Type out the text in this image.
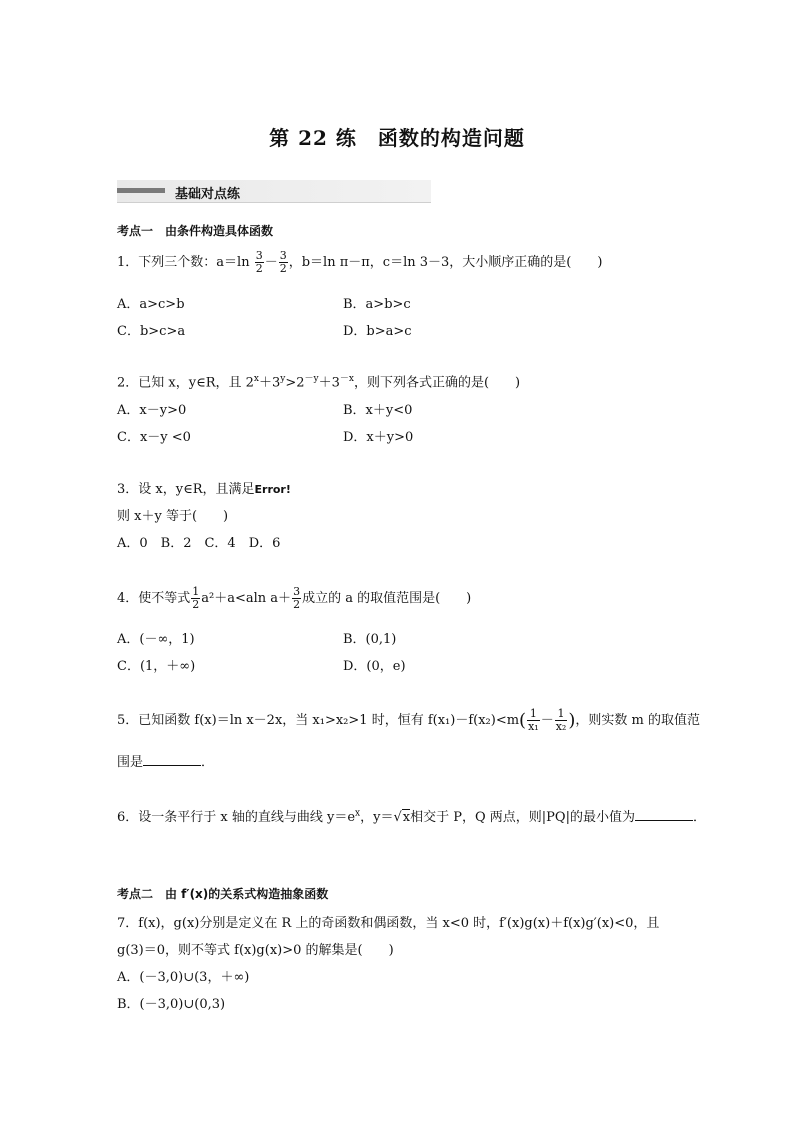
第 22 练　函数的构造问题
基础对点练
考点一　由条件构造具体函数
1．下列三个数：$a=\ln \frac{3}{2} - \frac{3}{2}$ ，b＝ln π－π，c＝ln 3－3，大小顺序正确的是(　　)
A．a>c>b	B．a>b>c
C．b>c>a	D．b>a>c
2．已知 x，y∈R，且 $2^x+3^y>2^{-y}+3^{-x}$，则下列各式正确的是(　　)
A．x－y>0	B．x＋y<0
C．x－y <0	D．x＋y>0
3．设 x，y∈R，且满足Error!
则 x＋y 等于(　　)
A．0　B．2　C．4　D．6
4．使不等式 $\frac{1}{2} a^2+a<aln$ $a+ \frac{3}{2}$ 成立的 a 的取值范围是(　　)
A．(－∞，1)	B．(0,1)
C．(1，＋∞)	D．(0，e)
5．已知函数 f(x)＝ln x－2x，当 x₁>x₂>1 时，恒有 $f(x_1)-f(x_2)<m( \frac{1}{\text{x₁}} - \frac{1}{\text{x₂}}$ )，则实数 m 的取值范
围是	．
6．设一条平行于 x 轴的直线与曲线 $y=e^x$，y＝√x相交于 P，Q 两点，则|PQ|的最小值为	．
考点二　由 f′(x)的关系式构造抽象函数
7．f(x)，g(x)分别是定义在 R 上的奇函数和偶函数，当 x<0 时，f′(x)g(x)＋f(x)g′(x)<0，且
g(3)＝0，则不等式 f(x)g(x)>0 的解集是(　　)
A．(－3,0)∪(3，＋∞)
B．(－3,0)∪(0,3)
